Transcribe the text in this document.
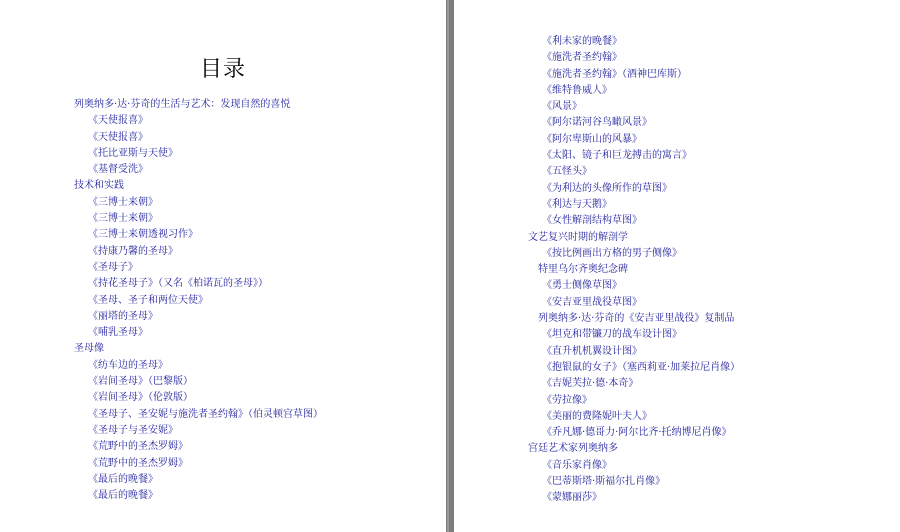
目录
列奥纳多·达·芬奇的生活与艺术：发现自然的喜悦
《天使报喜》
《天使报喜》
《托比亚斯与天使》
《基督受洗》
技术和实践
《三博士来朝》
《三博士来朝》
《三博士来朝透视习作》
《持康乃馨的圣母》
《圣母子》
《持花圣母子》（又名《柏诺瓦的圣母》）
《圣母、圣子和两位天使》
《丽塔的圣母》
《哺乳圣母》
圣母像
《纺车边的圣母》
《岩间圣母》（巴黎版）
《岩间圣母》（伦敦版）
《圣母子、圣安妮与施洗者圣约翰》（伯灵顿宫草图）
《圣母子与圣安妮》
《荒野中的圣杰罗姆》
《荒野中的圣杰罗姆》
《最后的晚餐》
《最后的晚餐》
《利未家的晚餐》
《施洗者圣约翰》
《施洗者圣约翰》（酒神巴库斯）
《维特鲁威人》
《风景》
《阿尔诺河谷鸟瞰风景》
《阿尔卑斯山的风暴》
《太阳、镜子和巨龙搏击的寓言》
《五怪头》
《为利达的头像所作的草图》
《利达与天鹅》
《女性解剖结构草图》
文艺复兴时期的解剖学
《按比例画出方格的男子侧像》
特里乌尔齐奥纪念碑
《勇士侧像草图》
《安吉亚里战役草图》
列奥纳多·达·芬奇的《安吉亚里战役》复制品
《坦克和带镰刀的战车设计图》
《直升机机翼设计图》
《抱银鼠的女子》（塞西莉亚·加莱拉尼肖像）
《吉妮芙拉·德·本奇》
《劳拉像》
《美丽的费隆妮叶夫人》
《乔凡娜·德哥力·阿尔比齐·托纳博尼肖像》
宫廷艺术家列奥纳多
《音乐家肖像》
《巴蒂斯塔·斯福尔扎肖像》
《蒙娜丽莎》
